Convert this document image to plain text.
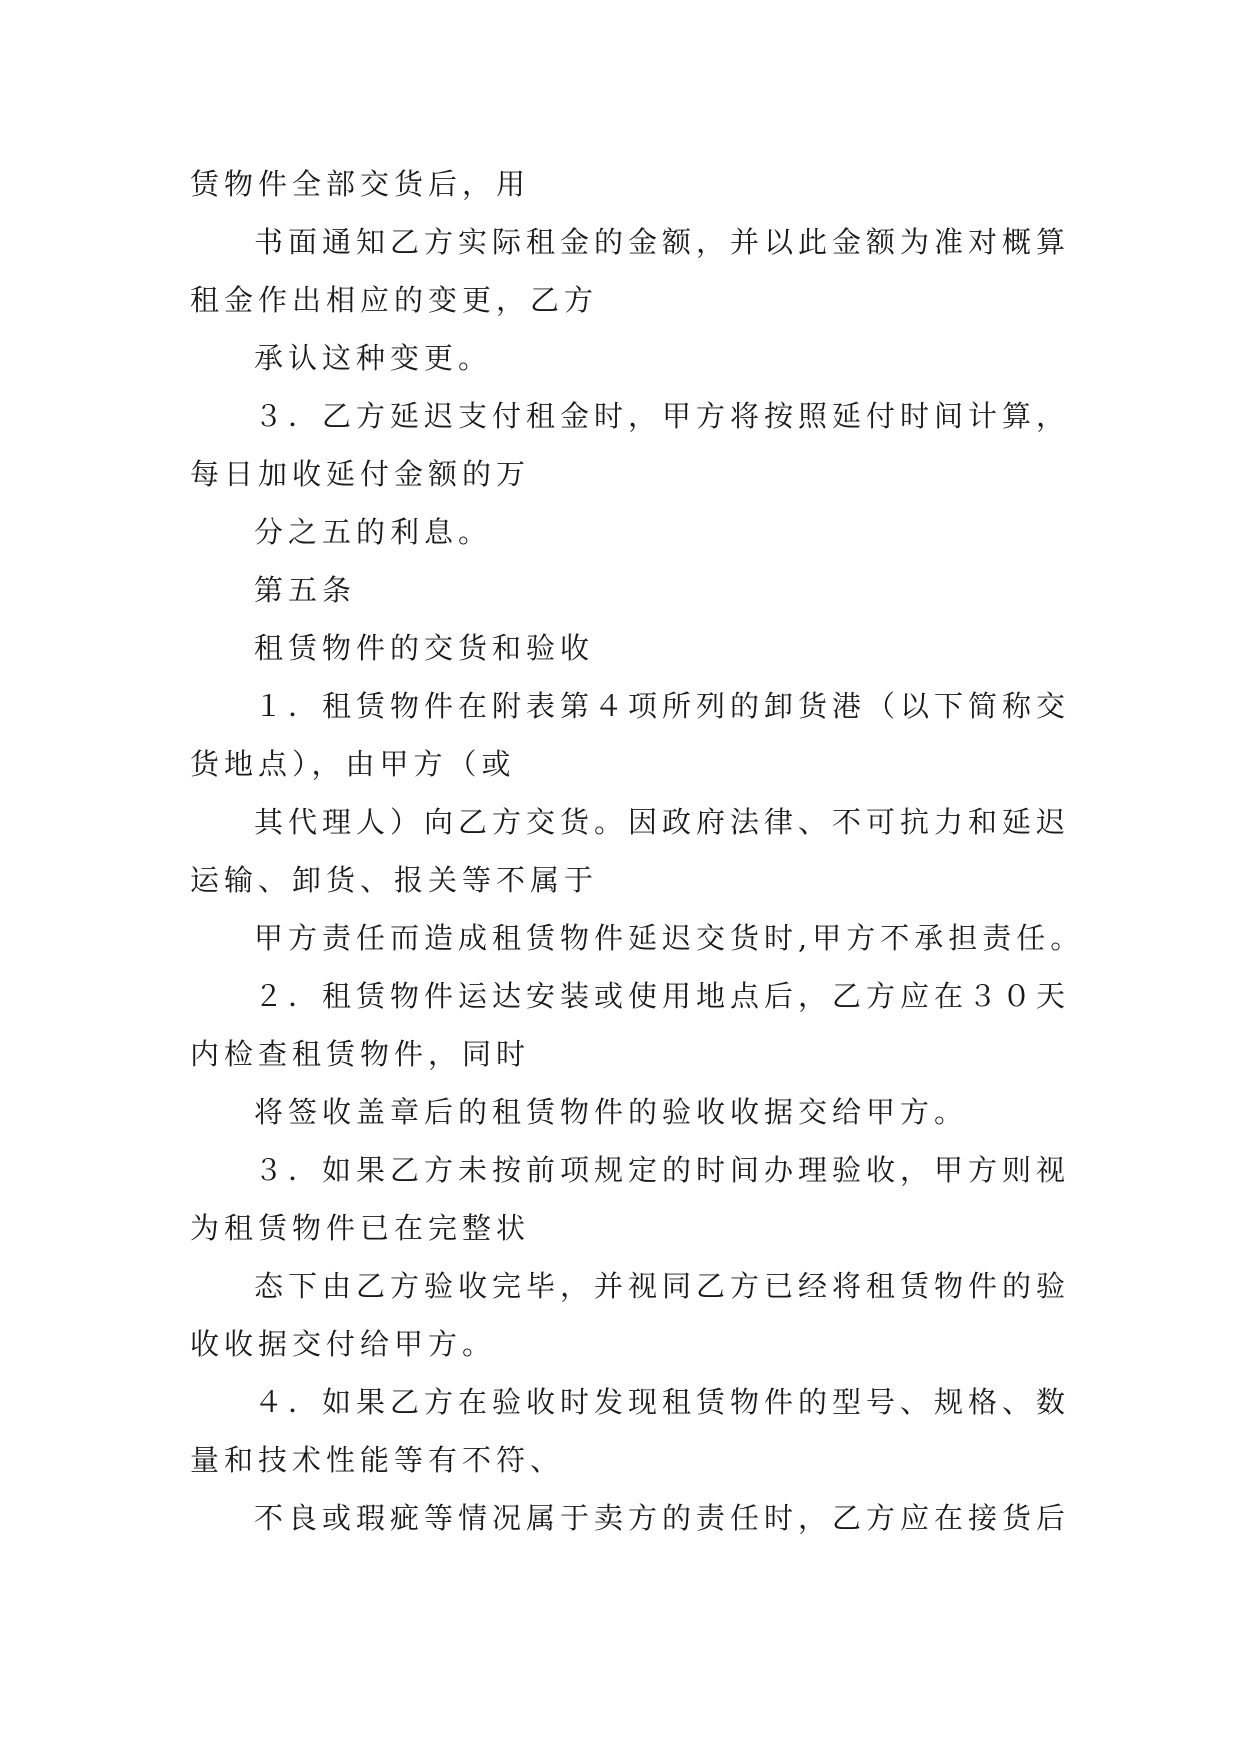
赁物件全部交货后，用

书面通知乙方实际租金的金额，并以此金额为准对概算

租金作出相应的变更，乙方

承认这种变更。

３．乙方延迟支付租金时，甲方将按照延付时间计算，

每日加收延付金额的万

分之五的利息。

第五条

租赁物件的交货和验收

１．租赁物件在附表第４项所列的卸货港（以下简称交

货地点），由甲方（或

其代理人）向乙方交货。因政府法律、不可抗力和延迟

运输、卸货、报关等不属于

甲方责任而造成租赁物件延迟交货时,甲方不承担责任。

２．租赁物件运达安装或使用地点后，乙方应在３０天

内检查租赁物件，同时

将签收盖章后的租赁物件的验收收据交给甲方。

３．如果乙方未按前项规定的时间办理验收，甲方则视

为租赁物件已在完整状

态下由乙方验收完毕，并视同乙方已经将租赁物件的验

收收据交付给甲方。

４．如果乙方在验收时发现租赁物件的型号、规格、数

量和技术性能等有不符、

不良或瑕疵等情况属于卖方的责任时，乙方应在接货后
